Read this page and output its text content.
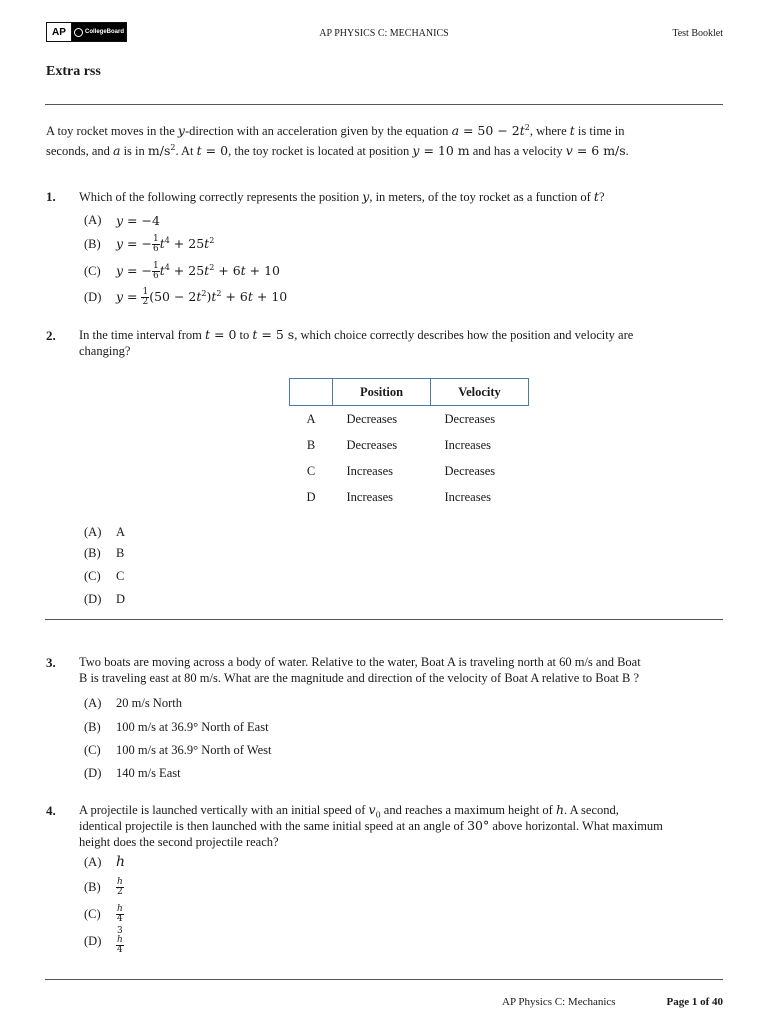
AP	CollegeBoard	AP PHYSICS C: MECHANICS	Test Booklet
Extra rss
A toy rocket moves in the y-direction with an acceleration given by the equation $a = 50 - 2t^2$, where t is time in
seconds, and a is in $m/s^2$. At t = 0, the toy rocket is located at position y = 10 m and has a velocity v = 6 m/s.
1. Which of the following correctly represents the position y, in meters, of the toy rocket as a function of t?
(A)	y = −4
(B)	y = − $\frac{1}{6} t^4 + 25t^2$
(C)	y = − $\frac{1}{6} t^4 + 25t^2 + 6t + 10$
(D)	$y = \frac{1}{2} (50 - 2t^2)t^2 + 6t + 10$
2. In the time interval from t = 0 to t = 5 s, which choice correctly describes how the position and velocity are
changing?
	Position	Velocity
A	Decreases	Decreases
B	Decreases	Increases
C	Increases	Decreases
D	Increases	Increases
(A)	A
(B)	B
(C)	C
(D)	D
3. Two boats are moving across a body of water. Relative to the water, Boat A is traveling north at 60 m/s and Boat
B is traveling east at 80 m/s. What are the magnitude and direction of the velocity of Boat A relative to Boat B ?
(A)	20 m/s North
(B)	100 m/s at 36.9° North of East
(C)	100 m/s at 36.9° North of West
(D)	140 m/s East
4. A projectile is launched vertically with an initial speed of $v_0$ and reaches a maximum height of h. A second,
identical projectile is then launched with the same initial speed at an angle of 30° above horizontal. What maximum
height does the second projectile reach?
(A)	h
(B)	$\frac{h}{2}$
(C)	$\frac{h}{4}$
(D)	3
h
4
AP Physics C: Mechanics	Page 1 of 40
